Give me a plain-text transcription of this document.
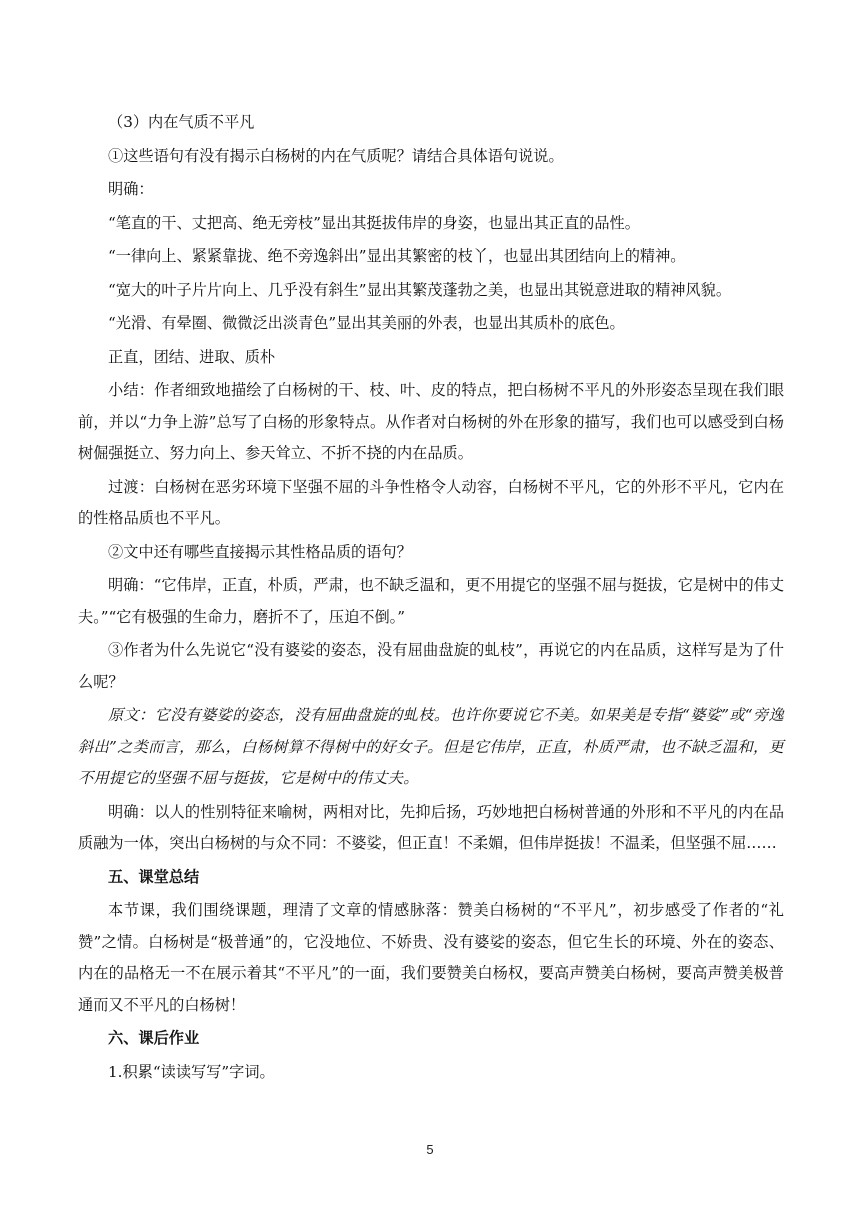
（3）内在气质不平凡

①这些语句有没有揭示白杨树的内在气质呢？请结合具体语句说说。

明确：

“笔直的干、丈把高、绝无旁枝”显出其挺拔伟岸的身姿，也显出其正直的品性。

“一律向上、紧紧靠拢、绝不旁逸斜出”显出其繁密的枝丫，也显出其团结向上的精神。

“宽大的叶子片片向上、几乎没有斜生”显出其繁茂蓬勃之美，也显出其锐意进取的精神风貌。

“光滑、有晕圈、微微泛出淡青色”显出其美丽的外表，也显出其质朴的底色。

正直，团结、进取、质朴

小结：作者细致地描绘了白杨树的干、枝、叶、皮的特点，把白杨树不平凡的外形姿态呈现在我们眼前，并以“力争上游”总写了白杨的形象特点。从作者对白杨树的外在形象的描写，我们也可以感受到白杨树倔强挺立、努力向上、参天耸立、不折不挠的内在品质。

过渡：白杨树在恶劣环境下坚强不屈的斗争性格令人动容，白杨树不平凡，它的外形不平凡，它内在的性格品质也不平凡。

②文中还有哪些直接揭示其性格品质的语句？

明确：“它伟岸，正直，朴质，严肃，也不缺乏温和，更不用提它的坚强不屈与挺拔，它是树中的伟丈夫。”“它有极强的生命力，磨折不了，压迫不倒。”

③作者为什么先说它“没有婆娑的姿态，没有屈曲盘旋的虬枝”，再说它的内在品质，这样写是为了什么呢？

原文：它没有婆娑的姿态，没有屈曲盘旋的虬枝。也许你要说它不美。如果美是专指“婆娑”或“旁逸斜出”之类而言，那么，白杨树算不得树中的好女子。但是它伟岸，正直，朴质严肃，也不缺乏温和，更不用提它的坚强不屈与挺拔，它是树中的伟丈夫。

明确：以人的性别特征来喻树，两相对比，先抑后扬，巧妙地把白杨树普通的外形和不平凡的内在品质融为一体，突出白杨树的与众不同：不婆娑，但正直！不柔媚，但伟岸挺拔！不温柔，但坚强不屈……

五、课堂总结

本节课，我们围绕课题，理清了文章的情感脉落：赞美白杨树的“不平凡”，初步感受了作者的“礼赞”之情。白杨树是“极普通”的，它没地位、不娇贵、没有婆娑的姿态，但它生长的环境、外在的姿态、内在的品格无一不在展示着其“不平凡”的一面，我们要赞美白杨权，要高声赞美白杨树，要高声赞美极普通而又不平凡的白杨树！

六、课后作业

1.积累“读读写写”字词。

5
